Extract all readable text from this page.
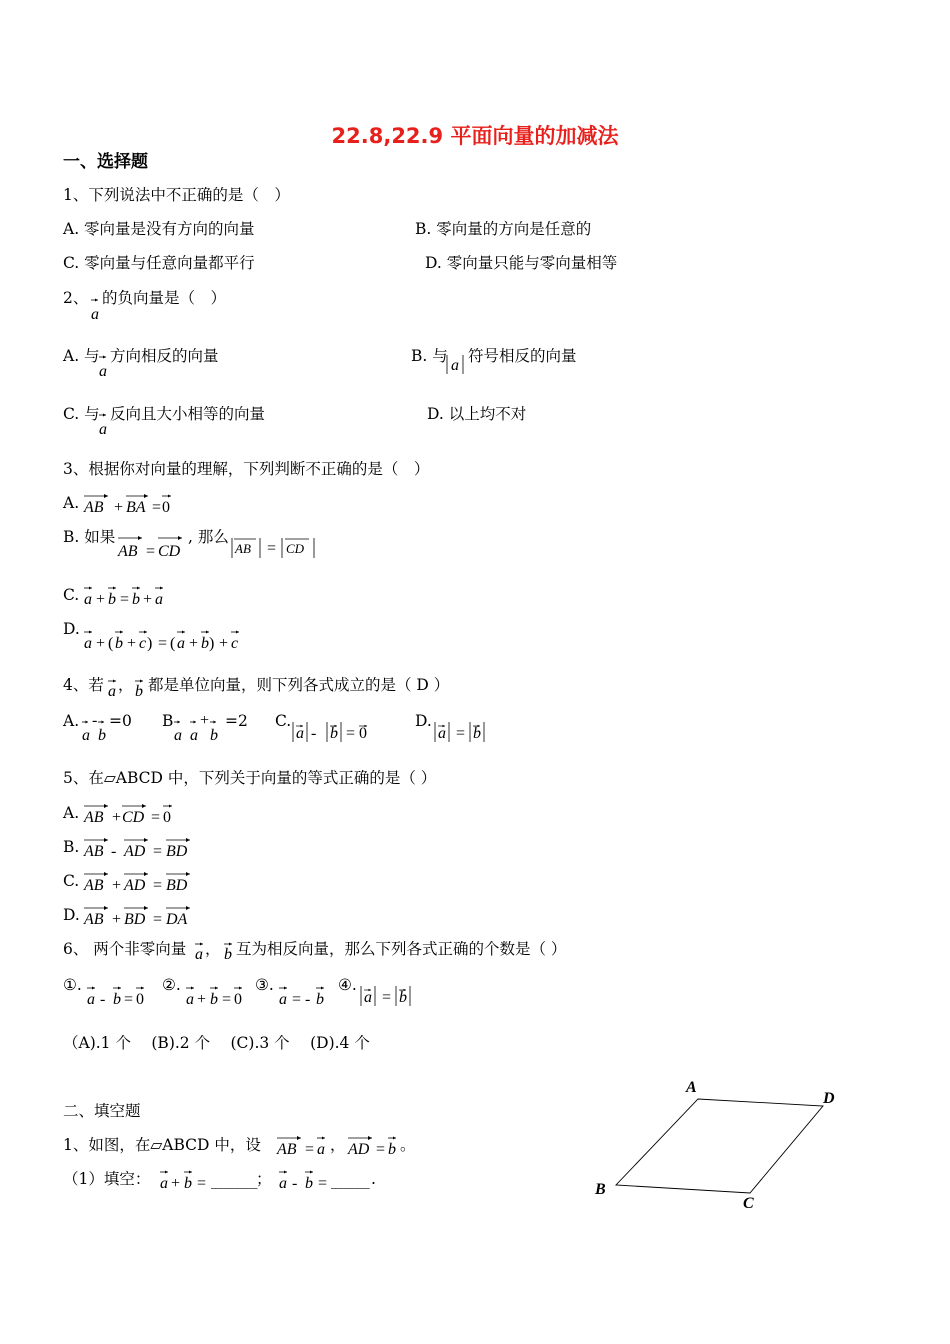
22.8,22.9 平面向量的加减法
一、选择题
1、下列说法中不正确的是（　）
A. 零向量是没有方向的向量	B. 零向量的方向是任意的
C. 零向量与任意向量都平行	D. 零向量只能与零向量相等
2、
a
的负向量是（　）
A. 与
a
方向相反的向量	B. 与
a
符号相反的向量
C. 与
a
反向且大小相等的向量	D. 以上均不对
3、根据你对向量的理解，下列判断不正确的是（　）
A. AB + BA = 0
B. 如果
AB = CD
, 那么
AB = CD
C. a + b = b + a
D.
a + ( b + c ) = ( a + b ) + c
4、若 a ， b 都是单位向量，则下列各式成立的是（ D ）
A.
a
-
b
=0 B
a
+
a b
=2 C.
a - b = 0
D.
a = b
5、在▱ABCD 中，下列关于向量的等式正确的是（ ）
A. AB + CD = 0
B. AB - AD = BD
C. AB + AD = BD
D. AB + BD = DA
6、 两个非零向量 a ， b 互为相反向量，那么下列各式正确的个数是（ ）
①.
a - b = 0
②.
a + b = 0
③.
a = - b
④.
a = b
（A).1 个　 (B).2 个　 (C).3 个　 (D).4 个
二、填空题
1、如图，在▱ABCD 中，设 AB = a ， AD = b 。
（1）填空： a + b = ______
； a - b = _____ .
A
D
B
C
